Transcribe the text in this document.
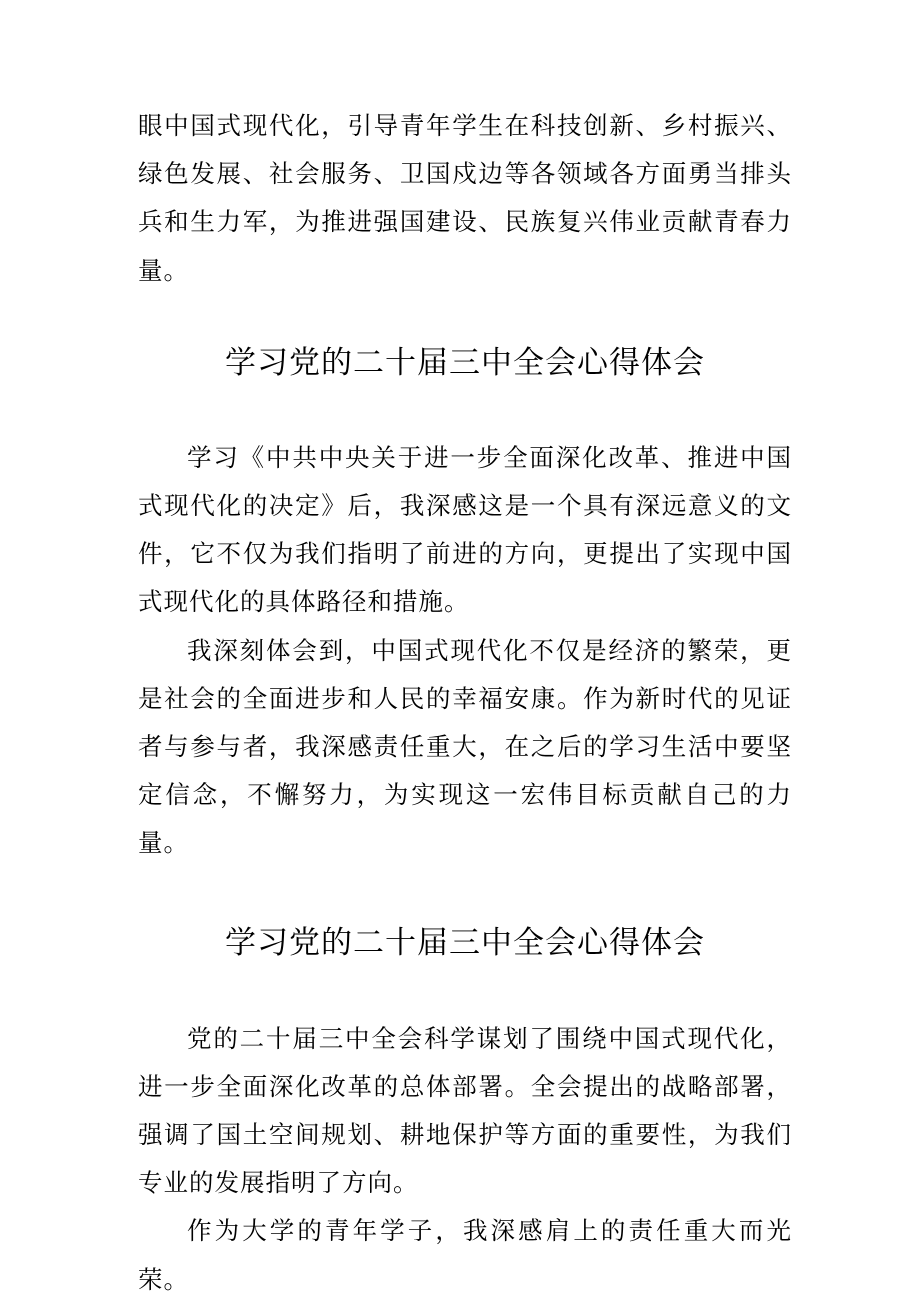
眼中国式现代化，引导青年学生在科技创新、乡村振兴、绿色发展、社会服务、卫国戍边等各领域各方面勇当排头兵和生力军，为推进强国建设、民族复兴伟业贡献青春力量。

学习党的二十届三中全会心得体会

学习《中共中央关于进一步全面深化改革、推进中国式现代化的决定》后，我深感这是一个具有深远意义的文件，它不仅为我们指明了前进的方向，更提出了实现中国式现代化的具体路径和措施。

我深刻体会到，中国式现代化不仅是经济的繁荣，更是社会的全面进步和人民的幸福安康。作为新时代的见证者与参与者，我深感责任重大，在之后的学习生活中要坚定信念，不懈努力，为实现这一宏伟目标贡献自己的力量。

学习党的二十届三中全会心得体会

党的二十届三中全会科学谋划了围绕中国式现代化，进一步全面深化改革的总体部署。全会提出的战略部署，强调了国土空间规划、耕地保护等方面的重要性，为我们专业的发展指明了方向。

作为大学的青年学子，我深感肩上的责任重大而光荣。
